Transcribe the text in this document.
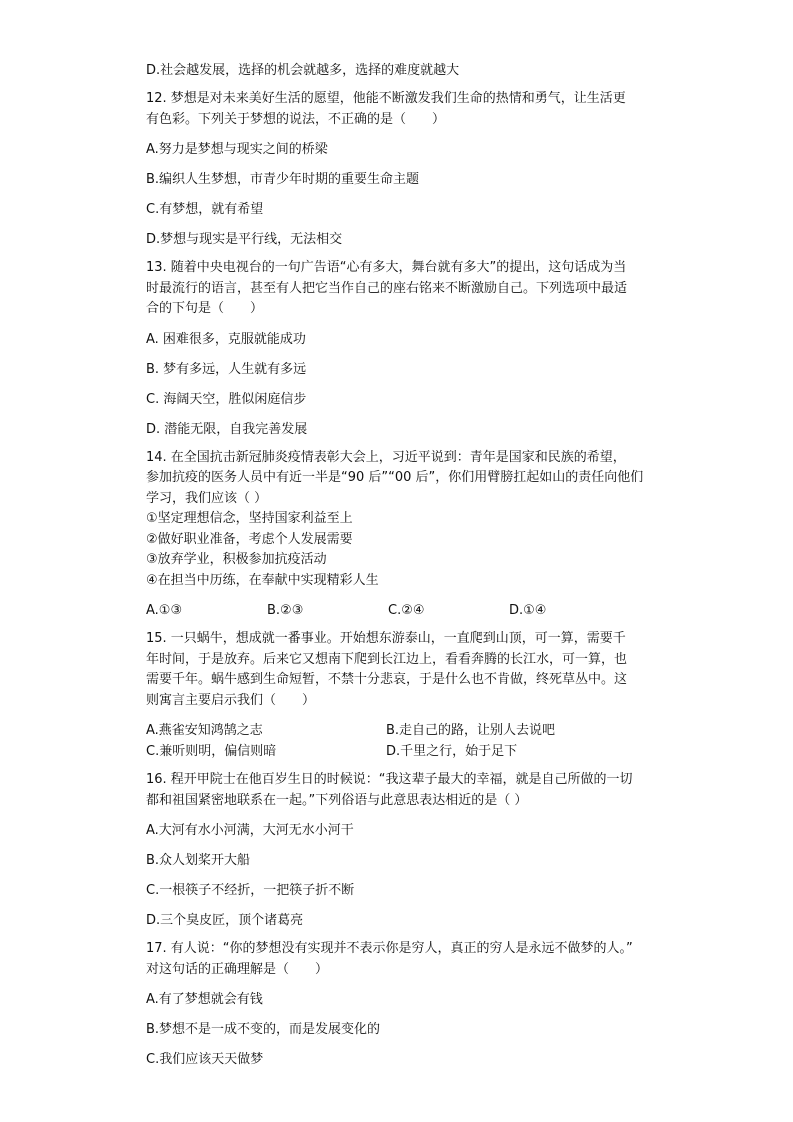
D.社会越发展，选择的机会就越多，选择的难度就越大
12. 梦想是对未来美好生活的愿望，他能不断激发我们生命的热情和勇气，让生活更
有色彩。下列关于梦想的说法，不正确的是（　　）
A.努力是梦想与现实之间的桥梁
B.编织人生梦想，市青少年时期的重要生命主题
C.有梦想，就有希望
D.梦想与现实是平行线，无法相交
13. 随着中央电视台的一句广告语“心有多大，舞台就有多大”的提出，这句话成为当
时最流行的语言，甚至有人把它当作自己的座右铭来不断激励自己。下列选项中最适
合的下句是（　　）
A. 困难很多，克服就能成功
B. 梦有多远，人生就有多远
C. 海阔天空，胜似闲庭信步
D. 潜能无限，自我完善发展
14. 在全国抗击新冠肺炎疫情表彰大会上，习近平说到：青年是国家和民族的希望，
参加抗疫的医务人员中有近一半是“90 后”“00 后”，你们用臂膀扛起如山的责任向他们
学习，我们应该（ ）
①坚定理想信念，坚持国家利益至上
②做好职业准备，考虑个人发展需要
③放弃学业，积极参加抗疫活动
④在担当中历练，在奉献中实现精彩人生
A.①③	B.②③	C.②④	D.①④
15. 一只蜗牛，想成就一番事业。开始想东游泰山，一直爬到山顶，可一算，需要千
年时间，于是放弃。后来它又想南下爬到长江边上，看看奔腾的长江水，可一算，也
需要千年。蜗牛感到生命短暂，不禁十分悲哀，于是什么也不肯做，终死草丛中。这
则寓言主要启示我们（　　）
A.燕雀安知鸿鹄之志	B.走自己的路，让别人去说吧
C.兼听则明，偏信则暗	D.千里之行，始于足下
16. 程开甲院士在他百岁生日的时候说：“我这辈子最大的幸福，就是自己所做的一切
都和祖国紧密地联系在一起。”下列俗语与此意思表达相近的是（ ）
A.大河有水小河满，大河无水小河干
B.众人划桨开大船
C.一根筷子不经折，一把筷子折不断
D.三个臭皮匠，顶个诸葛亮
17. 有人说：“你的梦想没有实现并不表示你是穷人，真正的穷人是永远不做梦的人。”
对这句话的正确理解是（　　）
A.有了梦想就会有钱
B.梦想不是一成不变的，而是发展变化的
C.我们应该天天做梦
